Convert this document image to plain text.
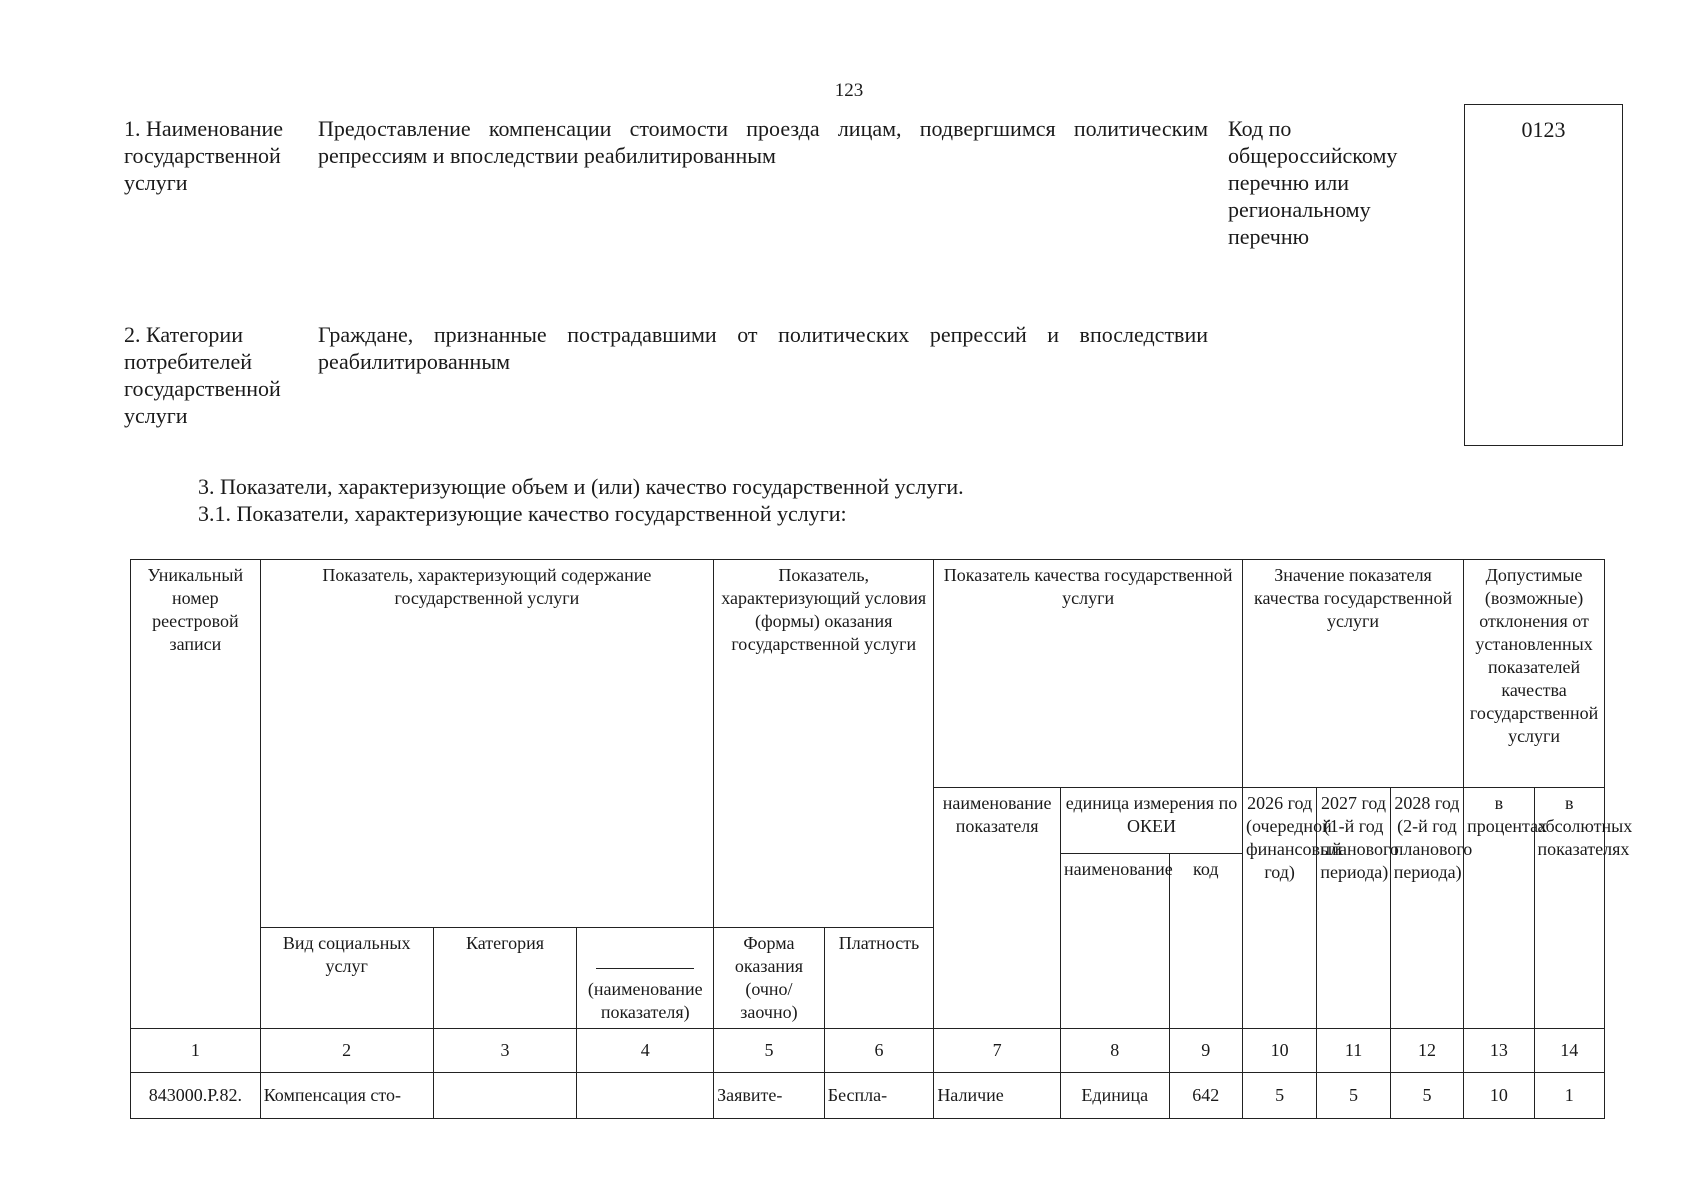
123
1. Наименование государственной услуги
Предоставление компенсации стоимости проезда лицам, подвергшимся политическим репрессиям и впоследствии реабилитированным
Код по общероссийскому перечню или региональному перечню
0123
2. Категории потребителей государственной услуги
Граждане, признанные пострадавшими от политических репрессий и впоследствии реабилитированным
3. Показатели, характеризующие объем и (или) качество государственной услуги.
3.1. Показатели, характеризующие качество государственной услуги:
Уникальный номер реестровой записи	Показатель, характеризующий содержание государственной услуги			Показатель, характеризующий условия (формы) оказания государственной услуги		Показатель качества государственной услуги			Значение показателя качества государственной услуги			Допустимые (возможные) отклонения от установленных показателей качества государственной услуги	
						наименование показателя	единица измерения по ОКЕИ		2026 год (очередной финансовый год)	2027 год (1-й год планового периода)	2028 год (2-й год планового периода)	в процентах	в абсолютных показателях
							наименование	код					
	Вид социальных услуг	Категория	(наименование показателя)	Форма оказания (очно/заочно)	Платность								
1	2	3	4	5	6	7	8	9	10	11	12	13	14
843000.Р.82.	Компенсация сто-			Заявите-	Беспла-	Наличие	Единица	642	5	5	5	10	1
